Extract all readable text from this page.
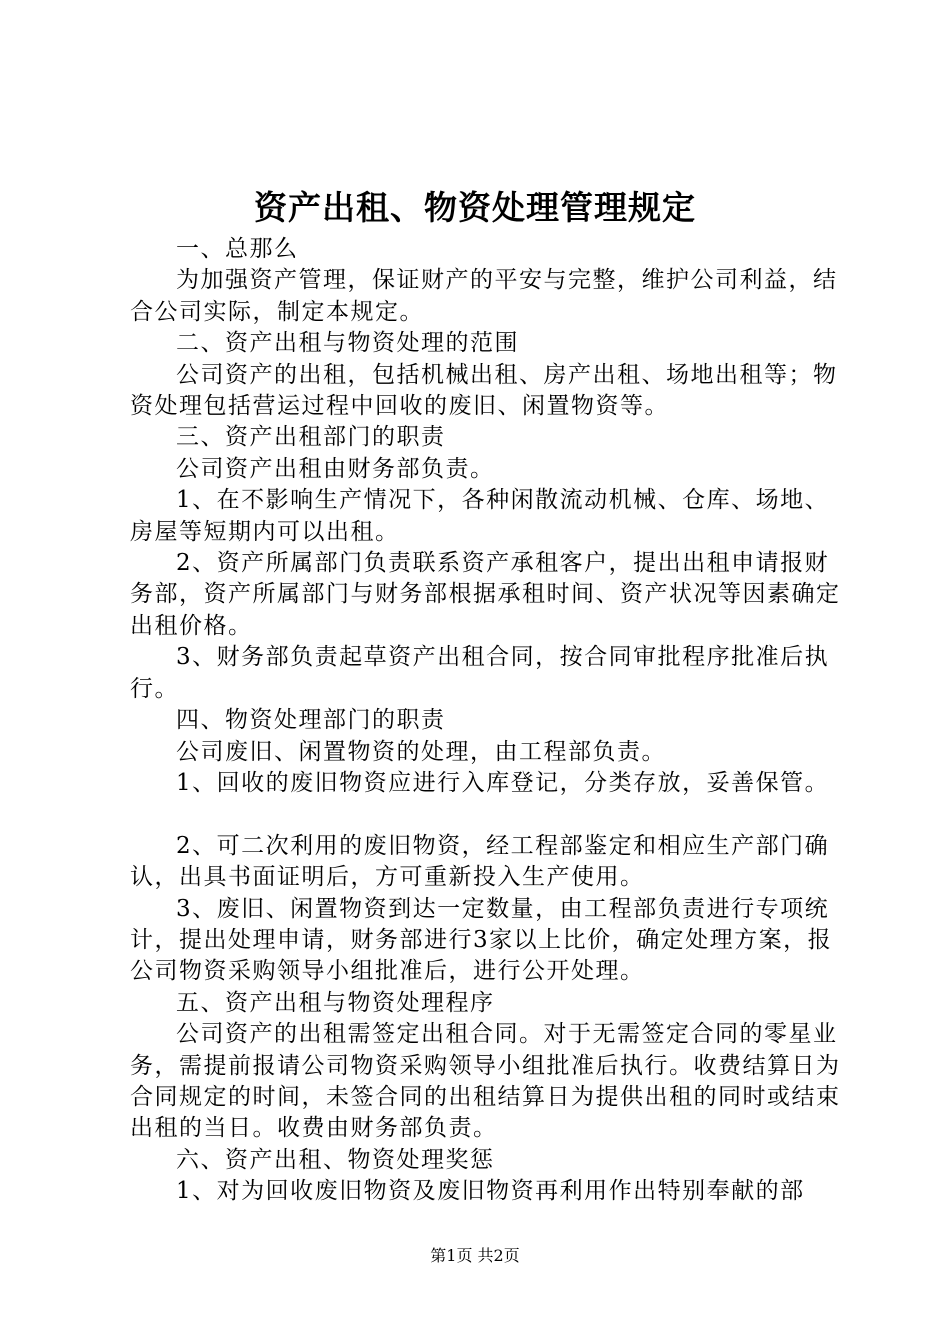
资产出租、物资处理管理规定

一、总那么

为加强资产管理，保证财产的平安与完整，维护公司利益，结合公司实际，制定本规定。

二、资产出租与物资处理的范围

公司资产的出租，包括机械出租、房产出租、场地出租等；物资处理包括营运过程中回收的废旧、闲置物资等。

三、资产出租部门的职责

公司资产出租由财务部负责。

1、在不影响生产情况下，各种闲散流动机械、仓库、场地、房屋等短期内可以出租。

2、资产所属部门负责联系资产承租客户，提出出租申请报财务部，资产所属部门与财务部根据承租时间、资产状况等因素确定出租价格。

3、财务部负责起草资产出租合同，按合同审批程序批准后执行。

四、物资处理部门的职责

公司废旧、闲置物资的处理，由工程部负责。

1、回收的废旧物资应进行入库登记，分类存放，妥善保管。

2、可二次利用的废旧物资，经工程部鉴定和相应生产部门确认，出具书面证明后，方可重新投入生产使用。

3、废旧、闲置物资到达一定数量，由工程部负责进行专项统计，提出处理申请，财务部进行3家以上比价，确定处理方案，报公司物资采购领导小组批准后，进行公开处理。

五、资产出租与物资处理程序

公司资产的出租需签定出租合同。对于无需签定合同的零星业务，需提前报请公司物资采购领导小组批准后执行。收费结算日为合同规定的时间，未签合同的出租结算日为提供出租的同时或结束出租的当日。收费由财务部负责。

六、资产出租、物资处理奖惩

1、对为回收废旧物资及废旧物资再利用作出特别奉献的部

第1页 共2页
